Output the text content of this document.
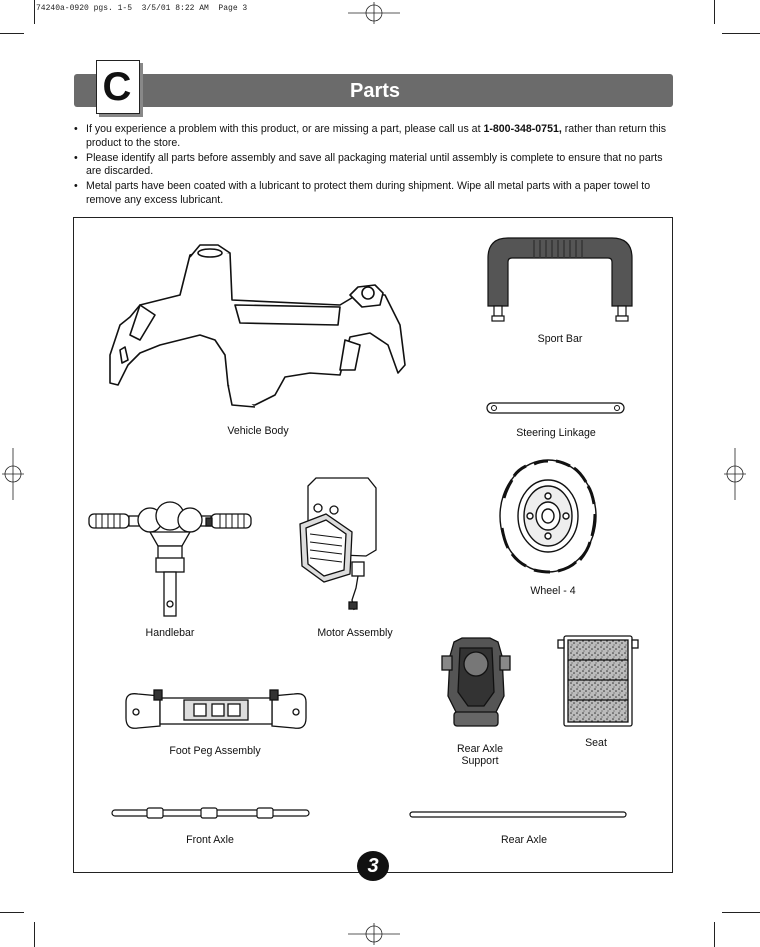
74240a-0920 pgs. 1-5  3/5/01 8:22 AM  Page 3
Parts
C
• If you experience a problem with this product, or are missing a part, please call us at 1-800-348-0751, rather than return this product to the store.
• Please identify all parts before assembly and save all packaging material until assembly is complete to ensure that no parts are discarded.
• Metal parts have been coated with a lubricant to protect them during shipment. Wipe all metal parts with a paper towel to remove any excess lubricant.
Vehicle Body
Sport Bar
Steering Linkage
Wheel - 4
Handlebar	Motor Assembly
Foot Peg Assembly	Rear Axle
Support
Seat
Front Axle	Rear Axle
3
